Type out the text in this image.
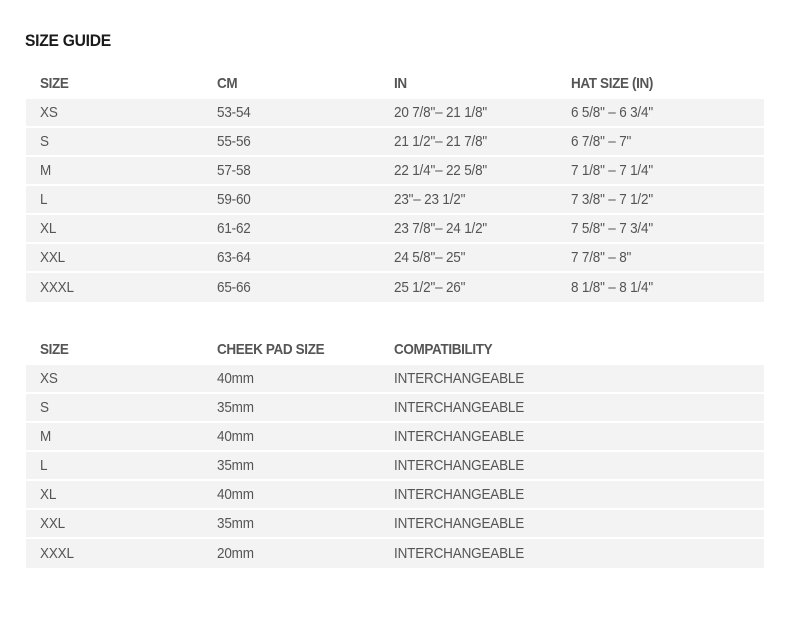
SIZE GUIDE
SIZE	CM	IN	HAT SIZE (IN)
XS	53-54	20 7/8"– 21 1/8"	6 5/8" – 6 3/4"
S	55-56	21 1/2"– 21 7/8"	6 7/8" – 7"
M	57-58	22 1/4"– 22 5/8"	7 1/8" – 7 1/4"
L	59-60	23"– 23 1/2"	7 3/8" – 7 1/2"
XL	61-62	23 7/8"– 24 1/2"	7 5/8" – 7 3/4"
XXL	63-64	24 5/8"– 25"	7 7/8" – 8"
XXXL	65-66	25 1/2"– 26"	8 1/8" – 8 1/4"
SIZE	CHEEK PAD SIZE	COMPATIBILITY	
XS	40mm	INTERCHANGEABLE	
S	35mm	INTERCHANGEABLE	
M	40mm	INTERCHANGEABLE	
L	35mm	INTERCHANGEABLE	
XL	40mm	INTERCHANGEABLE	
XXL	35mm	INTERCHANGEABLE	
XXXL	20mm	INTERCHANGEABLE	
